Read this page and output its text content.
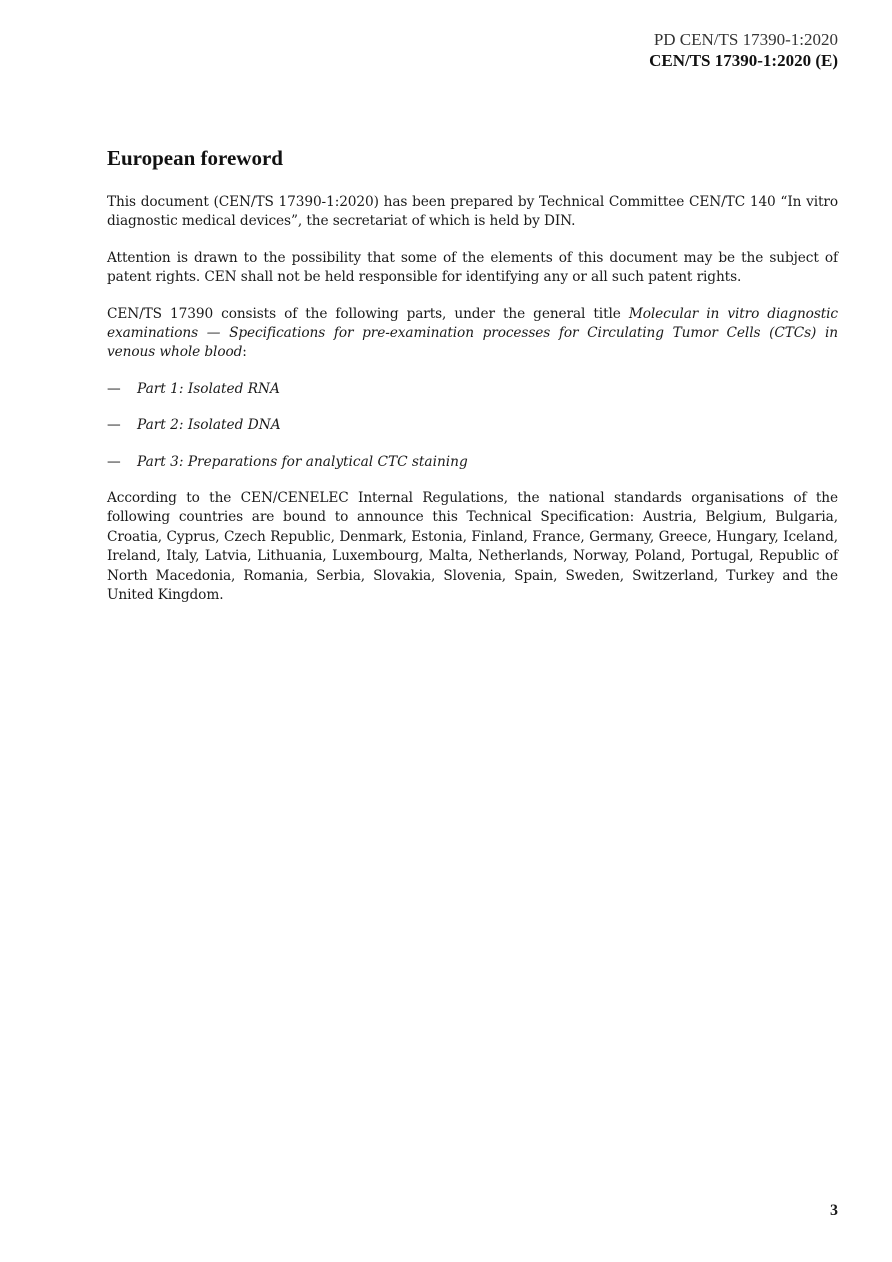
PD CEN/TS 17390-1:2020
CEN/TS 17390-1:2020 (E)
European foreword

This document (CEN/TS 17390-1:2020) has been prepared by Technical Committee CEN/TC 140 “In vitro diagnostic medical devices”, the secretariat of which is held by DIN.

Attention is drawn to the possibility that some of the elements of this document may be the subject of patent rights. CEN shall not be held responsible for identifying any or all such patent rights.

CEN/TS 17390 consists of the following parts, under the general title Molecular in vitro diagnostic examinations — Specifications for pre-examination processes for Circulating Tumor Cells (CTCs) in venous whole blood:

—	Part 1: Isolated RNA
—	Part 2: Isolated DNA
—	Part 3: Preparations for analytical CTC staining

According to the CEN/CENELEC Internal Regulations, the national standards organisations of the following countries are bound to announce this Technical Specification: Austria, Belgium, Bulgaria, Croatia, Cyprus, Czech Republic, Denmark, Estonia, Finland, France, Germany, Greece, Hungary, Iceland, Ireland, Italy, Latvia, Lithuania, Luxembourg, Malta, Netherlands, Norway, Poland, Portugal, Republic of North Macedonia, Romania, Serbia, Slovakia, Slovenia, Spain, Sweden, Switzerland, Turkey and the United Kingdom.

3
